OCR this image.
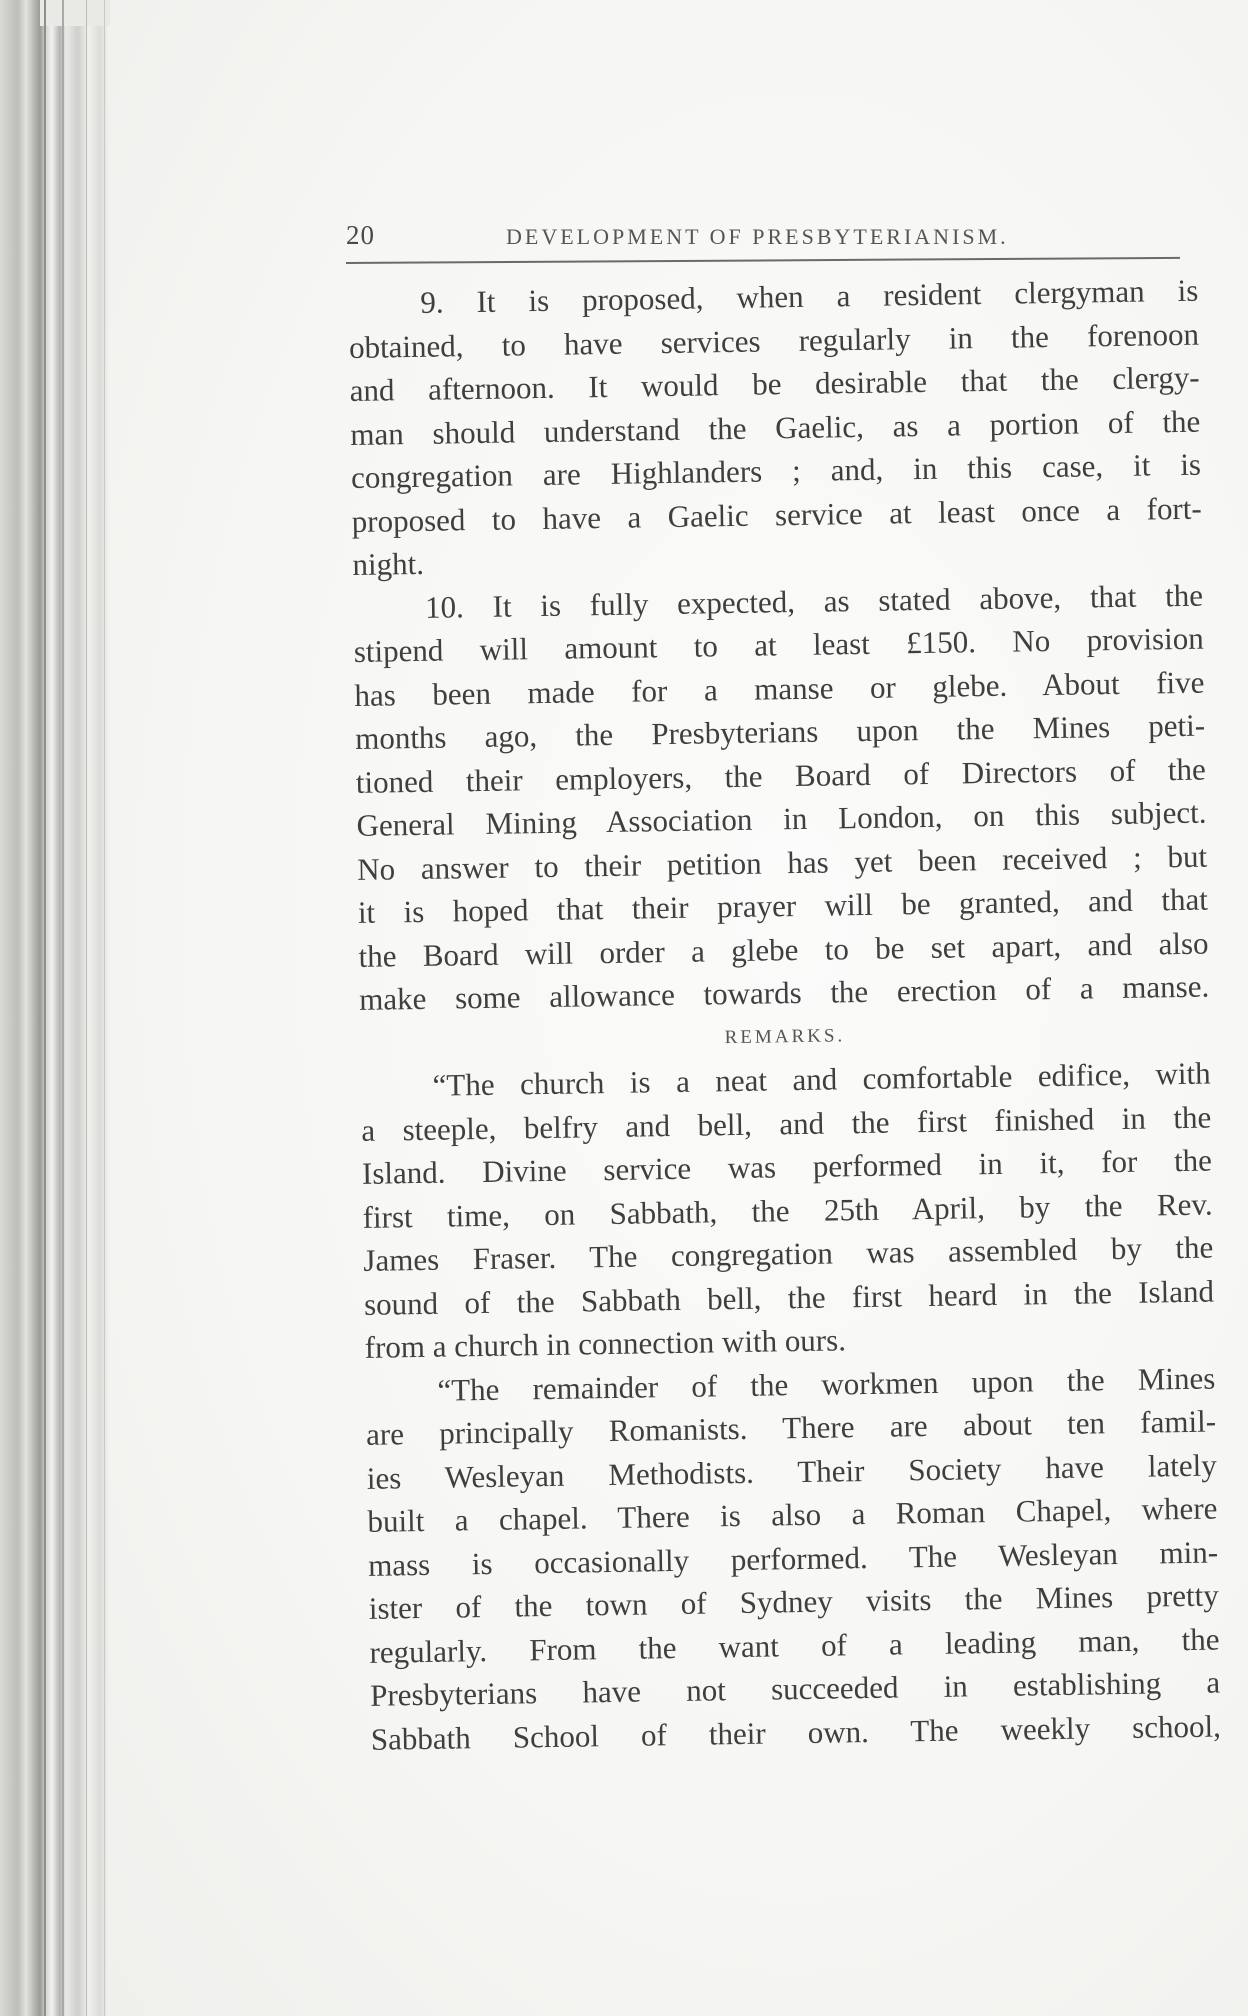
20	DEVELOPMENT OF PRESBYTERIANISM.
9. It is proposed, when a resident clergyman is
obtained, to have services regularly in the forenoon
and afternoon. It would be desirable that the clergy-
man should understand the Gaelic, as a portion of the
congregation are Highlanders ; and, in this case, it is
proposed to have a Gaelic service at least once a fort-
night.
10. It is fully expected, as stated above, that the
stipend will amount to at least £150. No provision
has been made for a manse or glebe. About five
months ago, the Presbyterians upon the Mines peti-
tioned their employers, the Board of Directors of the
General Mining Association in London, on this subject.
No answer to their petition has yet been received ; but
it is hoped that their prayer will be granted, and that
the Board will order a glebe to be set apart, and also
make some allowance towards the erection of a manse.
REMARKS.
“The church is a neat and comfortable edifice, with
a steeple, belfry and bell, and the first finished in the
Island. Divine service was performed in it, for the
first time, on Sabbath, the 25th April, by the Rev.
James Fraser. The congregation was assembled by the
sound of the Sabbath bell, the first heard in the Island
from a church in connection with ours.
“The remainder of the workmen upon the Mines
are principally Romanists. There are about ten famil-
ies Wesleyan Methodists. Their Society have lately
built a chapel. There is also a Roman Chapel, where
mass is occasionally performed. The Wesleyan min-
ister of the town of Sydney visits the Mines pretty
regularly. From the want of a leading man, the
Presbyterians have not succeeded in establishing a
Sabbath School of their own. The weekly school,
